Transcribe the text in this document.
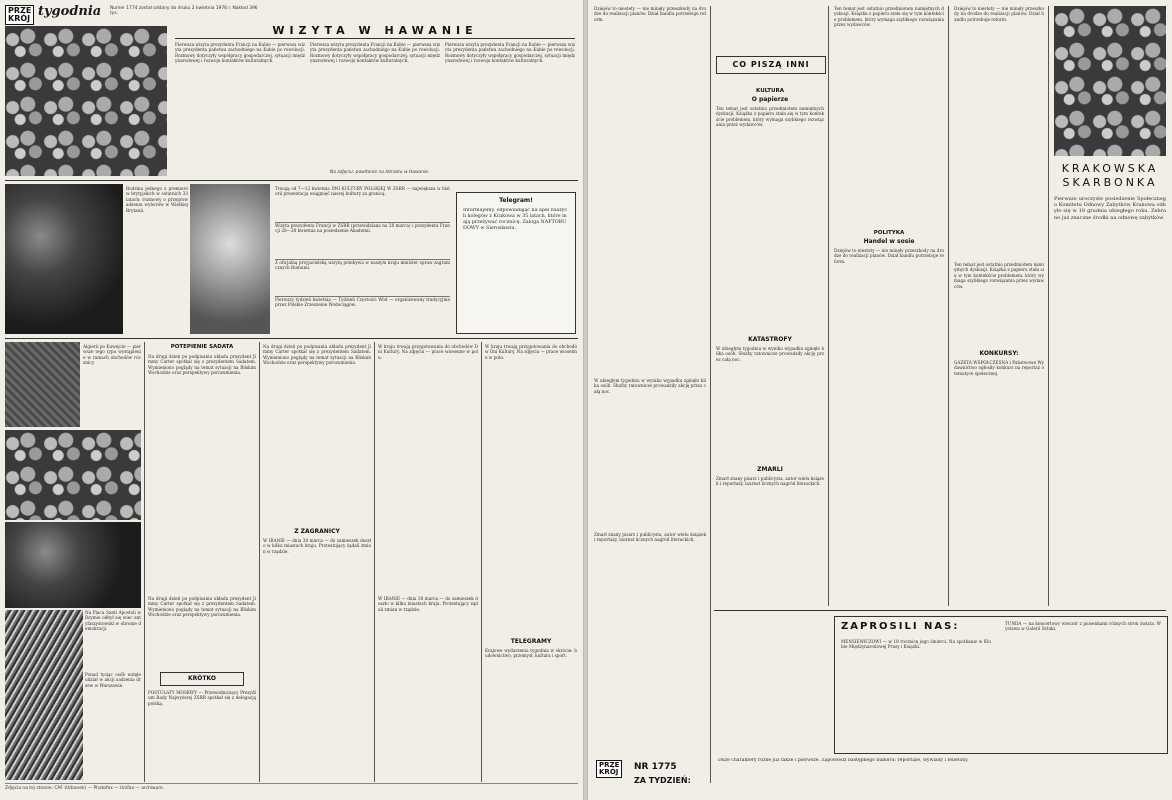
PRZE
KRÓJ tygodnia Numer 1774 został oddany do druku 2 kwietnia 1978 r. Nakład 396 tys.
WIZYTA W HAWANIE
Pierwsza wizyta prezydenta Francji na Kubie — pierwsza wizyta prezydenta państwa zachodniego na Kubie po rewolucji. Rozmowy dotyczyły współpracy gospodarczej, sytuacji międzynarodowej i rozwoju kontaktów kulturalnych.
Pierwsza wizyta prezydenta Francji na Kubie — pierwsza wizyta prezydenta państwa zachodniego na Kubie po rewolucji. Rozmowy dotyczyły współpracy gospodarczej, sytuacji międzynarodowej i rozwoju kontaktów kulturalnych.
Pierwsza wizyta prezydenta Francji na Kubie — pierwsza wizyta prezydenta państwa zachodniego na Kubie po rewolucji. Rozmowy dotyczyły współpracy gospodarczej, sytuacji międzynarodowej i rozwoju kontaktów kulturalnych.
Na zdjęciu: powitanie na lotnisku w Hawanie.
Rodzina jednego z premierów brytyjskich w ostatnich 33 latach: rozmowy o przeprowadzeniu wyborów w Wielkiej Brytanii.
Trwają od 7—12 kwietnia DNI KULTURY POLSKIEJ W ZSRR — największa w historii prezentacja osiągnięć naszej kultury za granicą.
Wizyta prezydenta Francji w ZSRR (przewidziana na 28 marca) i prezydenta Francji 28—28 kwietnia na posiedzenie Akademii.
Z oficjalną przyjacielską wizytą przebywa w naszym kraju minister spraw zagranicznych Rumunii.
Pierwszy tydzień kwietnia — Tydzień Czystości Wód — organizowany tradycyjnie przez Polskie Zrzeszenie Wodociągów.
Telegram!
Informujemy, odpowiadając na apel naszych kolegów z Krakowa w 35 latach, które mają przeżywać rocznicę. Zaloga NAFTOBUDOWY w Sierosławiu.
Algierii po Kuwejcie — pierwsze tego typu wystąpienie w ramach obchodów rocznicy.
Na Placu Santi Apostoli w Rzymie odbył się wiec antyfaszystowski w obronie demokracji.
Ponad tysiąc osób wzięło udział w akcji sadzenia drzew w Warszawie.
POTEPIENIE SADATA
Na drugi dzień po podpisaniu układu prezydent Jimmy Carter spotkał się z prezydentem Sadatem. Wymieniono poglądy na temat sytuacji na Bliskim Wschodzie oraz perspektywy porozumienia.
Na drugi dzień po podpisaniu układu prezydent Jimmy Carter spotkał się z prezydentem Sadatem. Wymieniono poglądy na temat sytuacji na Bliskim Wschodzie oraz perspektywy porozumienia.
KRÓTKO
POSTULATY MOSKWY — Przewodniczący Prezydium Rady Najwyższej ZSRR spotkał się z delegacją polską.
Na drugi dzień po podpisaniu układu prezydent Jimmy Carter spotkał się z prezydentem Sadatem. Wymieniono poglądy na temat sytuacji na Bliskim Wschodzie oraz perspektywy porozumienia.
Z ZAGRANICY
W IRANIE — dnia 30 marca — do zamieszek doszło w kilku miastach kraju. Protestujący żądali zmian w rządzie.
W kraju trwają przygotowania do obchodów Dni Kultury. Na zdjęciu — prace wiosenne w polu.
W IRANIE — dnia 30 marca — do zamieszek doszło w kilku miastach kraju. Protestujący żądali zmian w rządzie.
W kraju trwają przygotowania do obchodów Dni Kultury. Na zdjęciu — prace wiosenne w polu.
TELEGRAMY
Krajowe wydarzenia tygodnia w skrócie: budownictwo, przemysł, kultura i sport.
Zdjęcia na tej stronie: CAF (Urbanek) — Photofax — Unifax — archiwum.
Dziejów to niestety — nie minęły przeszkody na drodze do realizacji planów. Dział handlu potrzebuje reform.
W ubiegłym tygodniu w wyniku wypadku zginęło kilka osób. Służby ratownicze prowadziły akcję przez całą noc.
Zmarł znany pisarz i publicysta, autor wielu książek i reportaży, laureat licznych nagród literackich.
CO PISZĄ INNI
KULTURA
O papierze
Ten temat jest ostatnio przedmiotem namiętnych dyskusji. Książka z papieru stała się w tym kontekście problemem, który wymaga szybkiego rozwiązania przez wydawców.
KATASTROFY
W ubiegłym tygodniu w wyniku wypadku zginęło kilka osób. Służby ratownicze prowadziły akcję przez całą noc.
ZMARLI
Zmarł znany pisarz i publicysta, autor wielu książek i reportaży, laureat licznych nagród literackich.
Ten temat jest ostatnio przedmiotem namiętnych dyskusji. Książka z papieru stała się w tym kontekście problemem, który wymaga szybkiego rozwiązania przez wydawców.
POLITYKA
Handel w sosie
Dziejów to niestety — nie minęły przeszkody na drodze do realizacji planów. Dział handlu potrzebuje reform.
Dziejów to niestety — nie minęły przeszkody na drodze do realizacji planów. Dział handlu potrzebuje reform.
Ten temat jest ostatnio przedmiotem namiętnych dyskusji. Książka z papieru stała się w tym kontekście problemem, który wymaga szybkiego rozwiązania przez wydawców.
KONKURSY:
GAZETA WSPÓŁCZESNA i Państwowe Wydawnictwo ogłosiły konkurs na reportaż o tematyce społecznej.
KRAKOWSKA SKARBONKA
Pierwsze uroczyste posiedzenie Społecznego Komitetu Odnowy Zabytków Krakowa odbyło się w 18 grudnia ubiegłego roku. Zebrano już znaczne środki na odnowę zabytków.
ZAPROSILI NAS:
MENSIEWICZOWI — w 18 rocznicę jego śmierci. Na spotkanie w Klubie Międzynarodowej Prasy i Książki.
TUNDA — na koncertowy wieczór z piosenkami różnych stron świata. Wystawa w Galerii Sztuki.
PRZE
KRÓJ NR 1775
ZA TYDZIEŃ:
Duże charaktery różne już także i pierwsze. Zapowiedź następnego numeru: reportaże, wywiady i felietony.
